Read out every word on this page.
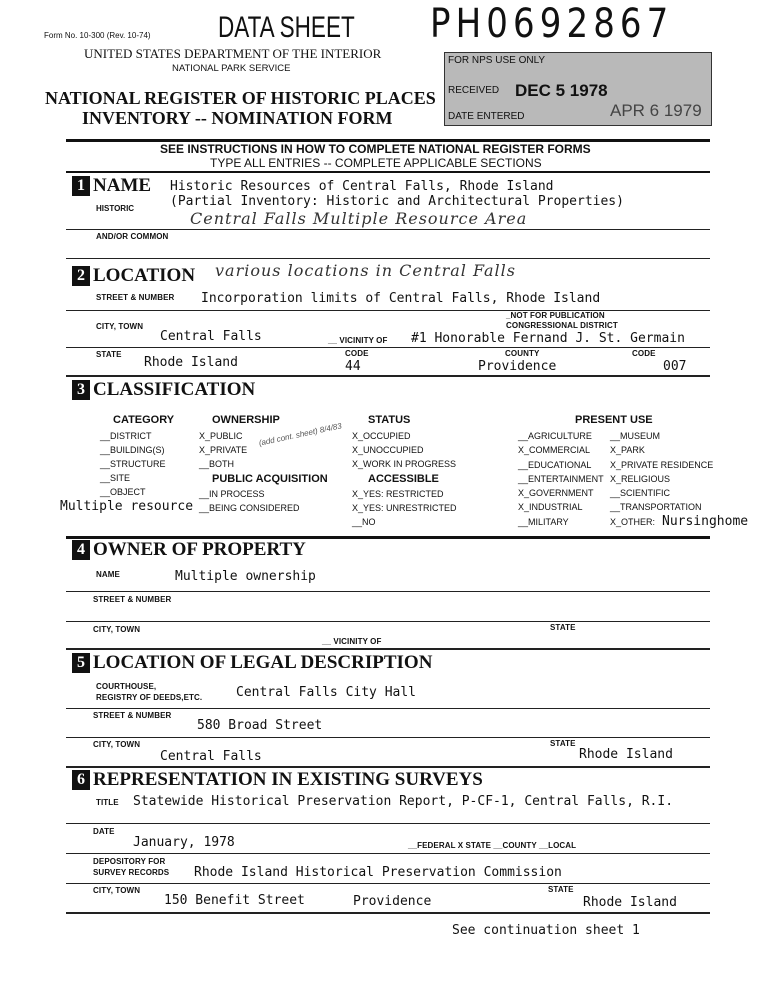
Form No. 10-300 (Rev. 10-74) DATA SHEET PH0692867
UNITED STATES DEPARTMENT OF THE INTERIOR
NATIONAL PARK SERVICE
NATIONAL REGISTER OF HISTORIC PLACES
INVENTORY -- NOMINATION FORM
FOR NPS USE ONLY
RECEIVED DEC 5 1978
DATE ENTERED	APR 6 1979
SEE INSTRUCTIONS IN HOW TO COMPLETE NATIONAL REGISTER FORMS
TYPE ALL ENTRIES -- COMPLETE APPLICABLE SECTIONS
1 NAME Historic Resources of Central Falls, Rhode Island
HISTORIC	(Partial Inventory: Historic and Architectural Properties)
Central Falls Multiple Resource Area
AND/OR COMMON
2 LOCATION various locations in Central Falls
STREET & NUMBER Incorporation limits of Central Falls, Rhode Island
_NOT FOR PUBLICATION
CITY, TOWN	CONGRESSIONAL DISTRICT
Central Falls	__ VICINITY OF #1 Honorable Fernand J. St. Germain
STATE
Rhode Island
CODE
44
COUNTY
Providence
CODE
007
3 CLASSIFICATION
CATEGORY
__DISTRICT
__BUILDING(S)
__STRUCTURE
__SITE
__OBJECT
Multiple resource
OWNERSHIP
X_PUBLIC
X_PRIVATE
__BOTH
(add cont. sheet) 8/4/83
PUBLIC ACQUISITION
__IN PROCESS
__BEING CONSIDERED
STATUS
X_OCCUPIED
X_UNOCCUPIED
X_WORK IN PROGRESS
ACCESSIBLE
X_YES: RESTRICTED
X_YES: UNRESTRICTED
__NO
PRESENT USE
__AGRICULTURE
X_COMMERCIAL
__EDUCATIONAL
__ENTERTAINMENT
X_GOVERNMENT
X_INDUSTRIAL
__MILITARY
__MUSEUM
X_PARK
X_PRIVATE RESIDENCE
X_RELIGIOUS
__SCIENTIFIC
__TRANSPORTATION
X_OTHER: Nursinghome
4 OWNER OF PROPERTY
NAME	Multiple ownership
STREET & NUMBER
CITY, TOWN	STATE
__ VICINITY OF
5 LOCATION OF LEGAL DESCRIPTION
COURTHOUSE,
REGISTRY OF DEEDS,ETC.	Central Falls City Hall
STREET & NUMBER
580 Broad Street
CITY, TOWN
Central Falls
STATE
Rhode Island
6 REPRESENTATION IN EXISTING SURVEYS
TITLE Statewide Historical Preservation Report, P-CF-1, Central Falls, R.I.
DATE
January, 1978	__FEDERAL X STATE __COUNTY __LOCAL
DEPOSITORY FOR
SURVEY RECORDS Rhode Island Historical Preservation Commission
CITY, TOWN
150 Benefit Street	Providence
STATE
Rhode Island
See continuation sheet 1
